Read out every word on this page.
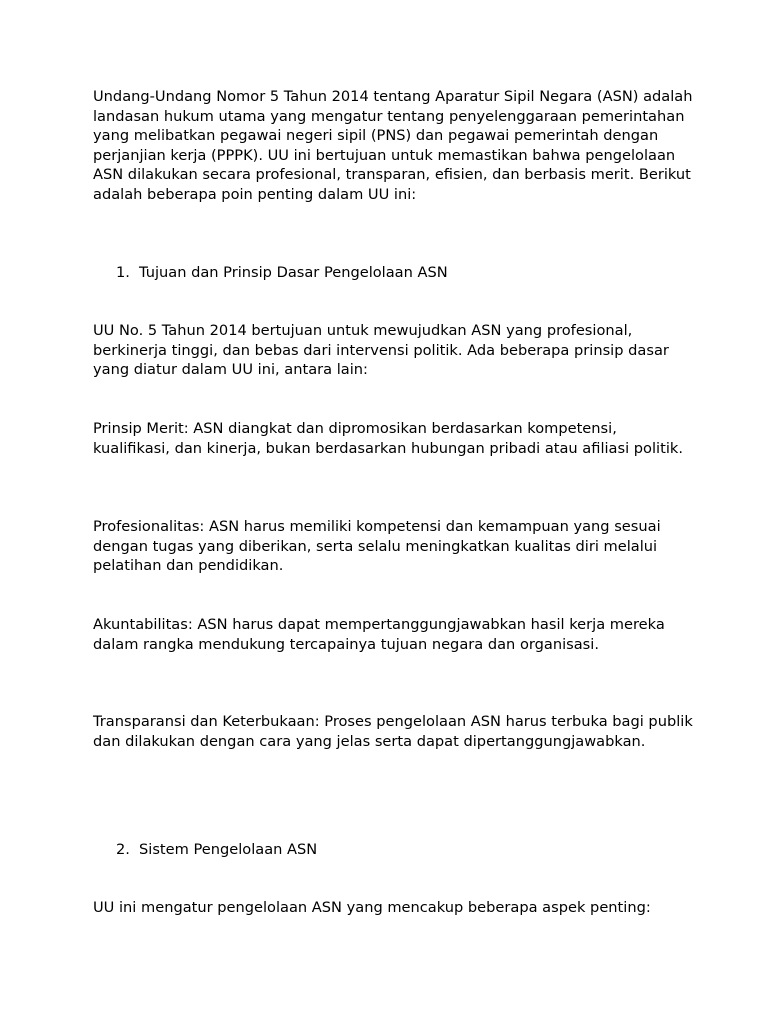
Undang-Undang Nomor 5 Tahun 2014 tentang Aparatur Sipil Negara (ASN) adalah landasan hukum utama yang mengatur tentang penyelenggaraan pemerintahan yang melibatkan pegawai negeri sipil (PNS) dan pegawai pemerintah dengan perjanjian kerja (PPPK). UU ini bertujuan untuk memastikan bahwa pengelolaan ASN dilakukan secara profesional, transparan, efisien, dan berbasis merit. Berikut adalah beberapa poin penting dalam UU ini:

1. Tujuan dan Prinsip Dasar Pengelolaan ASN

UU No. 5 Tahun 2014 bertujuan untuk mewujudkan ASN yang profesional, berkinerja tinggi, dan bebas dari intervensi politik. Ada beberapa prinsip dasar yang diatur dalam UU ini, antara lain:

Prinsip Merit: ASN diangkat dan dipromosikan berdasarkan kompetensi, kualifikasi, dan kinerja, bukan berdasarkan hubungan pribadi atau afiliasi politik.

Profesionalitas: ASN harus memiliki kompetensi dan kemampuan yang sesuai dengan tugas yang diberikan, serta selalu meningkatkan kualitas diri melalui pelatihan dan pendidikan.

Akuntabilitas: ASN harus dapat mempertanggungjawabkan hasil kerja mereka dalam rangka mendukung tercapainya tujuan negara dan organisasi.

Transparansi dan Keterbukaan: Proses pengelolaan ASN harus terbuka bagi publik dan dilakukan dengan cara yang jelas serta dapat dipertanggungjawabkan.

2. Sistem Pengelolaan ASN

UU ini mengatur pengelolaan ASN yang mencakup beberapa aspek penting:
